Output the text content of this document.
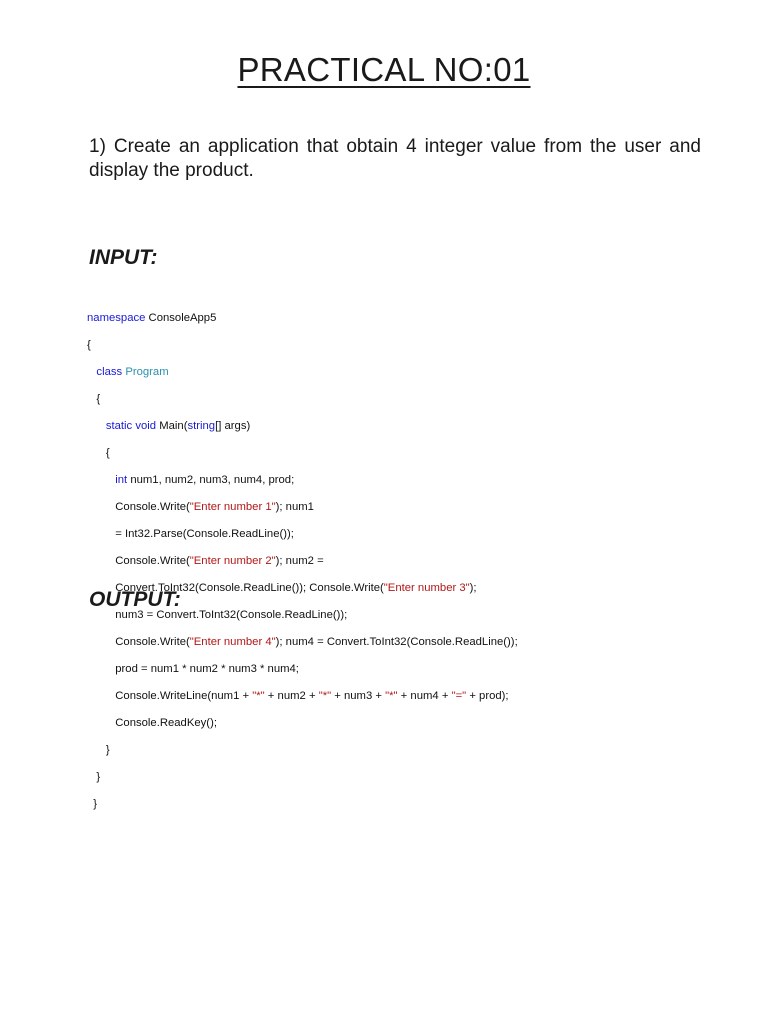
PRACTICAL NO:01
1) Create an application that obtain 4 integer value from the user and display the product.
INPUT:

namespace ConsoleApp5

{

class Program

{

static void Main(string[] args)

{

int num1, num2, num3, num4, prod;

Console.Write("Enter number 1"); num1

= Int32.Parse(Console.ReadLine());

Console.Write("Enter number 2"); num2 =

Convert.ToInt32(Console.ReadLine()); Console.Write("Enter number 3");

num3 = Convert.ToInt32(Console.ReadLine());

Console.Write("Enter number 4"); num4 = Convert.ToInt32(Console.ReadLine());

prod = num1 * num2 * num3 * num4;

Console.WriteLine(num1 + "*" + num2 + "*" + num3 + "*" + num4 + "=" + prod);

Console.ReadKey();

}

}

}

OUTPUT:
